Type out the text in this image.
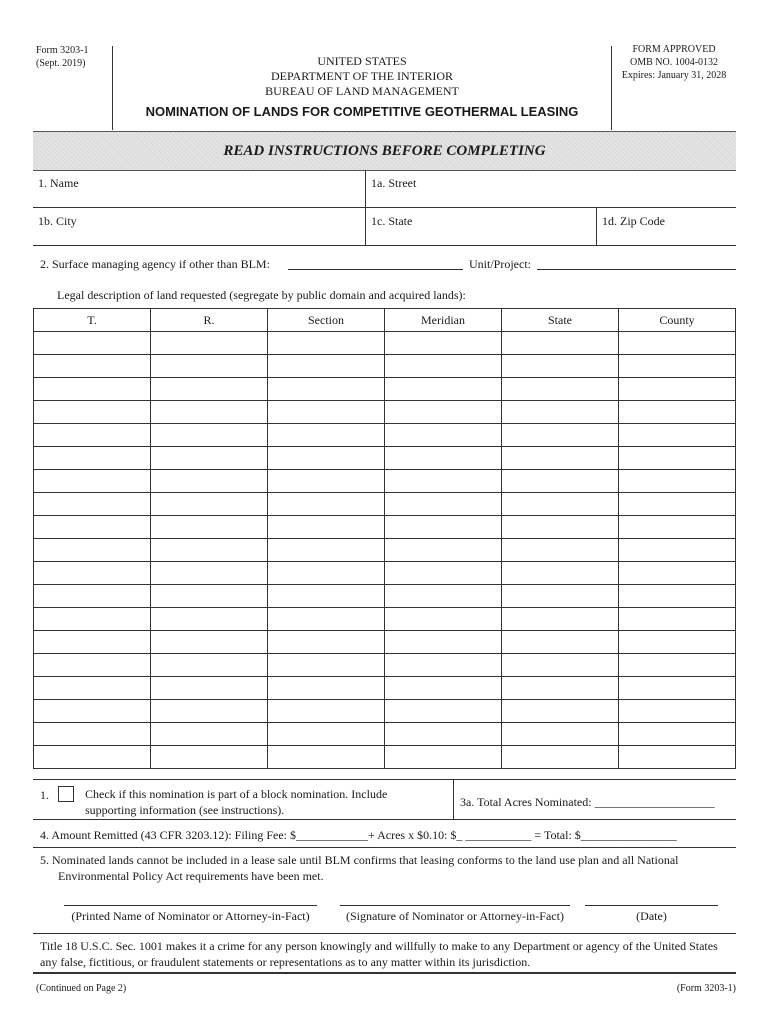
Form 3203-1
(Sept. 2019)	UNITED STATES
DEPARTMENT OF THE INTERIOR
BUREAU OF LAND MANAGEMENT
NOMINATION OF LANDS FOR COMPETITIVE GEOTHERMAL LEASING
FORM APPROVED
OMB NO. 1004-0132
Expires: January 31, 2028
READ INSTRUCTIONS BEFORE COMPLETING
1. Name	1a. Street
1b. City	1c. State	1d. Zip Code
2. Surface managing agency if other than BLM:	Unit/Project:
Legal description of land requested (segregate by public domain and acquired lands):
T.	R.	Section	Meridian	State	County

1.	Check if this nomination is part of a block nomination. Include
supporting information (see instructions).
3a. Total Acres Nominated: ____________________
4. Amount Remitted (43 CFR 3203.12): Filing Fee: $____________+ Acres x $0.10: $_ ___________ = Total: $________________
5. Nominated lands cannot be included in a lease sale until BLM confirms that leasing conforms to the land use plan and all National
Environmental Policy Act requirements have been met.
(Printed Name of Nominator or Attorney-in-Fact)	(Signature of Nominator or Attorney-in-Fact)	(Date)
Title 18 U.S.C. Sec. 1001 makes it a crime for any person knowingly and willfully to make to any Department or agency of the United States
any false, fictitious, or fraudulent statements or representations as to any matter within its jurisdiction.
(Continued on Page 2)	(Form 3203-1)
